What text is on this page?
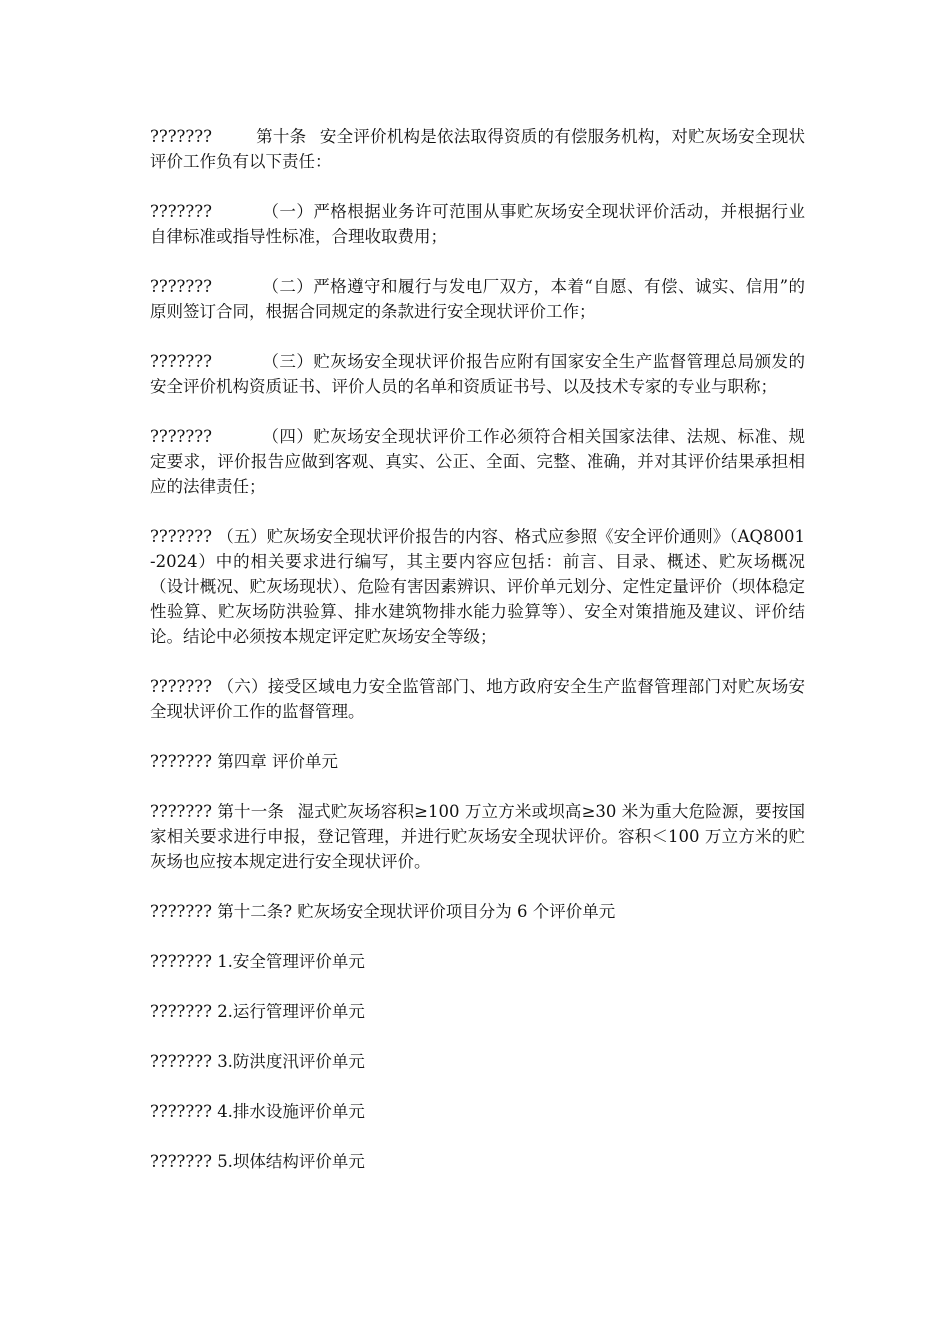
???????	第十条 安全评价机构是依法取得资质的有偿服务机构，对贮灰场安全现状评价工作负有以下责任：

???????	（一）严格根据业务许可范围从事贮灰场安全现状评价活动，并根据行业自律标准或指导性标准，合理收取费用；

???????	（二）严格遵守和履行与发电厂双方，本着“自愿、有偿、诚实、信用”的原则签订合同，根据合同规定的条款进行安全现状评价工作；

???????	（三）贮灰场安全现状评价报告应附有国家安全生产监督管理总局颁发的安全评价机构资质证书、评价人员的名单和资质证书号、以及技术专家的专业与职称；

???????	（四）贮灰场安全现状评价工作必须符合相关国家法律、法规、标准、规定要求，评价报告应做到客观、真实、公正、全面、完整、准确，并对其评价结果承担相应的法律责任；

??????? （五）贮灰场安全现状评价报告的内容、格式应参照《安全评价通则》（AQ8001-2024）中的相关要求进行编写，其主要内容应包括：前言、目录、概述、贮灰场概况（设计概况、贮灰场现状）、危险有害因素辨识、评价单元划分、定性定量评价（坝体稳定性验算、贮灰场防洪验算、排水建筑物排水能力验算等）、安全对策措施及建议、评价结论。结论中必须按本规定评定贮灰场安全等级；

??????? （六）接受区域电力安全监管部门、地方政府安全生产监督管理部门对贮灰场安全现状评价工作的监督管理。

??????? 第四章 评价单元

??????? 第十一条 湿式贮灰场容积≥100 万立方米或坝高≥30 米为重大危险源，要按国家相关要求进行申报，登记管理，并进行贮灰场安全现状评价。容积＜100 万立方米的贮灰场也应按本规定进行安全现状评价。

??????? 第十二条? 贮灰场安全现状评价项目分为 6 个评价单元

??????? 1.安全管理评价单元

??????? 2.运行管理评价单元

??????? 3.防洪度汛评价单元

??????? 4.排水设施评价单元

??????? 5.坝体结构评价单元
